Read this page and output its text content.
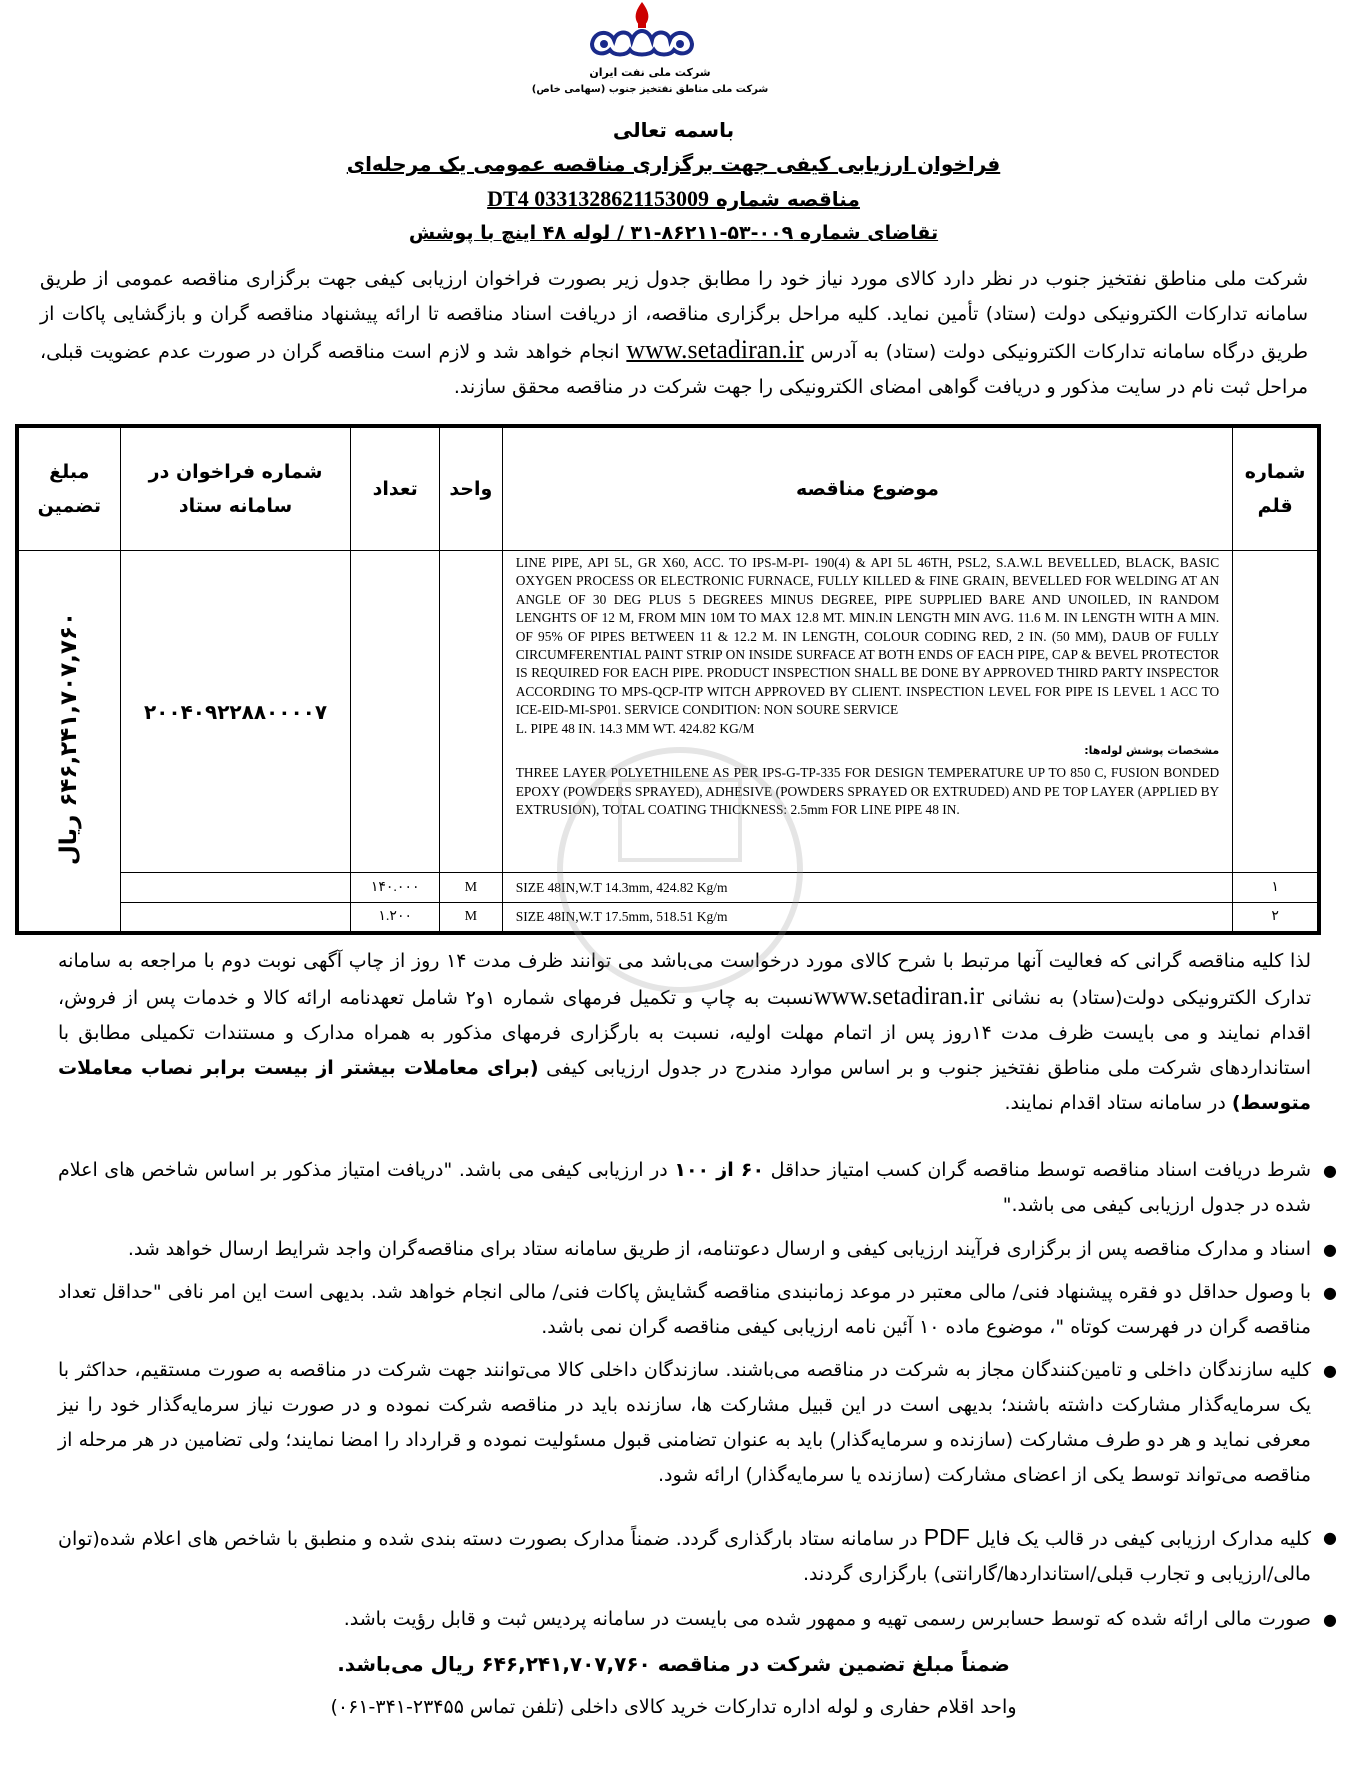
شرکت ملی نفت ایران
شرکت ملی مناطق نفتخیز جنوب (سهامی خاص)
باسمه تعالی
فراخوان ارزیابی کیفی جهت برگزاری مناقصه عمومی یک مرحله‌ای
مناقصه شماره DT4 0331328621153009
تقاضای شماره ۰۰۹-۵۳-۸۶۲۱۱-۳۱ / لوله ۴۸ اینچ با پوشش
شرکت ملی مناطق نفتخیز جنوب در نظر دارد کالای مورد نیاز خود را مطابق جدول زیر بصورت فراخوان ارزیابی کیفی جهت برگزاری مناقصه عمومی از طریق سامانه تدارکات الکترونیکی دولت (ستاد) تأمین نماید. کلیه مراحل برگزاری مناقصه، از دریافت اسناد مناقصه تا ارائه پیشنهاد مناقصه گران و بازگشایی پاکات از طریق درگاه سامانه تدارکات الکترونیکی دولت (ستاد) به آدرس www.setadiran.ir انجام خواهد شد و لازم است مناقصه گران در صورت عدم عضویت قبلی، مراحل ثبت نام در سایت مذکور و دریافت گواهی امضای الکترونیکی را جهت شرکت در مناقصه محقق سازند.
شماره قلم	موضوع مناقصه	واحد	تعداد	شماره فراخوان در سامانه ستاد	مبلغ تضمین

	LINE PIPE, API 5L, GR X60, ACC. TO IPS-M-PI- 190(4) & API 5L 46TH, PSL2, S.A.W.L BEVELLED, BLACK, BASIC OXYGEN PROCESS OR ELECTRONIC FURNACE, FULLY KILLED & FINE GRAIN, BEVELLED FOR WELDING AT AN ANGLE OF 30 DEG PLUS 5 DEGREES MINUS DEGREE, PIPE SUPPLIED BARE AND UNOILED, IN RANDOM LENGHTS OF 12 M, FROM MIN 10M TO MAX 12.8 MT. MIN.IN LENGTH MIN AVG. 11.6 M. IN LENGTH WITH A MIN. OF 95% OF PIPES BETWEEN 11 & 12.2 M. IN LENGTH, COLOUR CODING RED, 2 IN. (50 MM), DAUB OF FULLY CIRCUMFERENTIAL PAINT STRIP ON INSIDE SURFACE AT BOTH ENDS OF EACH PIPE, CAP & BEVEL PROTECTOR IS REQUIRED FOR EACH PIPE. PRODUCT INSPECTION SHALL BE DONE BY APPROVED THIRD PARTY INSPECTOR ACCORDING TO MPS-QCP-ITP WITCH APPROVED BY CLIENT. INSPECTION LEVEL FOR PIPE IS LEVEL 1 ACC TO ICE-EID-MI-SP01. SERVICE CONDITION: NON SOURE SERVICE
L. PIPE 48 IN. 14.3 MM WT. 424.82 KG/M
مشخصات پوشش لوله‌ها:
THREE LAYER POLYETHILENE AS PER IPS-G-TP-335 FOR DESIGN TEMPERATURE UP TO 850 C, FUSION BONDED EPOXY (POWDERS SPRAYED), ADHESIVE (POWDERS SPRAYED OR EXTRUDED) AND PE TOP LAYER (APPLIED BY EXTRUSION), TOTAL COATING THICKNESS: 2.5mm FOR LINE PIPE 48 IN.			۲۰۰۴۰۹۲۲۸۸۰۰۰۰۷	۶۴۶,۲۴۱,۷۰۷,۷۶۰ ریال
۱	SIZE 48IN,W.T 14.3mm, 424.82 Kg/m	M	۱۴۰.۰۰۰		
۲	SIZE 48IN,W.T 17.5mm, 518.51 Kg/m	M	۱.۲۰۰		
لذا کلیه مناقصه گرانی که فعالیت آنها مرتبط با شرح کالای مورد درخواست می‌باشد می توانند ظرف مدت ۱۴ روز از چاپ آگهی نوبت دوم با مراجعه به سامانه تدارک الکترونیکی دولت(ستاد) به نشانی www.setadiran.irنسبت به چاپ و تکمیل فرمهای شماره ۱و۲ شامل تعهدنامه ارائه کالا و خدمات پس از فروش، اقدام نمایند و می بایست ظرف مدت ۱۴روز پس از اتمام مهلت اولیه، نسبت به بارگزاری فرمهای مذکور به همراه مدارک و مستندات تکمیلی مطابق با استانداردهای شرکت ملی مناطق نفتخیز جنوب و بر اساس موارد مندرج در جدول ارزیابی کیفی (برای معاملات بیشتر از بیست برابر نصاب معاملات متوسط) در سامانه ستاد اقدام نمایند.
●
شرط دریافت اسناد مناقصه توسط مناقصه گران کسب امتیاز حداقل ۶۰ از ۱۰۰ در ارزیابی کیفی می باشد. "دریافت امتیاز مذکور بر اساس شاخص های اعلام شده در جدول ارزیابی کیفی می باشد."
●
اسناد و مدارک مناقصه پس از برگزاری فرآیند ارزیابی کیفی و ارسال دعوتنامه، از طریق سامانه ستاد برای مناقصه‌گران واجد شرایط ارسال خواهد شد.
●
با وصول حداقل دو فقره پیشنهاد فنی/ مالی معتبر در موعد زمانبندی مناقصه گشایش پاکات فنی/ مالی انجام خواهد شد. بدیهی است این امر نافی "حداقل تعداد مناقصه گران در فهرست کوتاه "، موضوع ماده ۱۰ آئین نامه ارزیابی کیفی مناقصه گران نمی باشد.
●
کلیه سازندگان داخلی و تامین‌کنندگان مجاز به شرکت در مناقصه می‌باشند. سازندگان داخلی کالا می‌توانند جهت شرکت در مناقصه به صورت مستقیم، حداکثر با یک سرمایه‌گذار مشارکت داشته باشند؛ بدیهی است در این قبیل مشارکت ها، سازنده باید در مناقصه شرکت نموده و در صورت نیاز سرمایه‌گذار خود را نیز معرفی نماید و هر دو طرف مشارکت (سازنده و سرمایه‌گذار) باید به عنوان تضامنی قبول مسئولیت نموده و قرارداد را امضا نمایند؛ ولی تضامین در هر مرحله از مناقصه می‌تواند توسط یکی از اعضای مشارکت (سازنده یا سرمایه‌گذار) ارائه شود.
●
کلیه مدارک ارزیابی کیفی در قالب یک فایل PDF در سامانه ستاد بارگذاری گردد. ضمناً مدارک بصورت دسته بندی شده و منطبق با شاخص های اعلام شده(توان مالی/ارزیابی و تجارب قبلی/استانداردها/گارانتی) بارگزاری گردند.
●
صورت مالی ارائه شده که توسط حسابرس رسمی تهیه و ممهور شده می بایست در سامانه پردیس ثبت و قابل رؤیت باشد.
ضمناً مبلغ تضمین شرکت در مناقصه ۶۴۶,۲۴۱,۷۰۷,۷۶۰ ریال می‌باشد.
واحد اقلام حفاری و لوله اداره تدارکات خرید کالای داخلی (تلفن تماس ۲۳۴۵۵-۳۴۱-۰۶۱)
